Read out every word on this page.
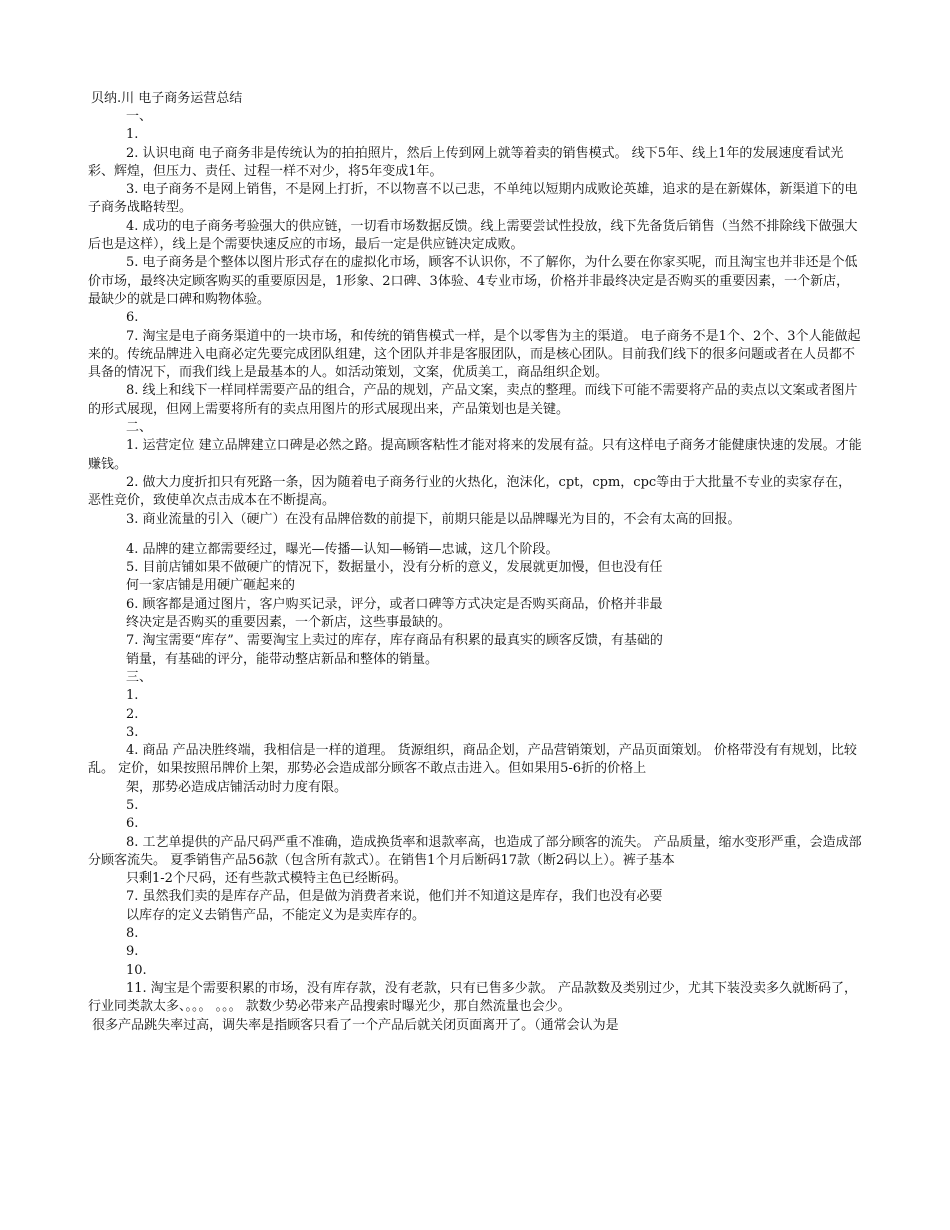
贝纳.川 电子商务运营总结

一、

1.

2. 认识电商 电子商务非是传统认为的拍拍照片，然后上传到网上就等着卖的销售模式。 线下5年、线上1年的发展速度看试光彩、辉煌，但压力、责任、过程一样不对少，将5年变成1年。

3. 电子商务不是网上销售，不是网上打折，不以物喜不以己悲，不单纯以短期内成败论英雄，追求的是在新媒体，新渠道下的电子商务战略转型。

4. 成功的电子商务考验强大的供应链，一切看市场数据反馈。线上需要尝试性投放，线下先备货后销售（当然不排除线下做强大后也是这样），线上是个需要快速反应的市场，最后一定是供应链决定成败。

5. 电子商务是个整体以图片形式存在的虚拟化市场，顾客不认识你，不了解你，为什么要在你家买呢，而且淘宝也并非还是个低价市场，最终决定顾客购买的重要原因是，1形象、2口碑、3体验、4专业市场，价格并非最终决定是否购买的重要因素，一个新店，最缺少的就是口碑和购物体验。

6.

7. 淘宝是电子商务渠道中的一块市场，和传统的销售模式一样，是个以零售为主的渠道。 电子商务不是1个、2个、3个人能做起来的。传统品牌进入电商必定先要完成团队组建，这个团队并非是客服团队，而是核心团队。目前我们线下的很多问题或者在人员都不具备的情况下，而我们线上是最基本的人。如活动策划，文案，优质美工，商品组织企划。

8. 线上和线下一样同样需要产品的组合，产品的规划，产品文案，卖点的整理。而线下可能不需要将产品的卖点以文案或者图片的形式展现，但网上需要将所有的卖点用图片的形式展现出来，产品策划也是关键。

二、

1. 运营定位 建立品牌建立口碑是必然之路。提高顾客粘性才能对将来的发展有益。只有这样电子商务才能健康快速的发展。才能赚钱。

2. 做大力度折扣只有死路一条，因为随着电子商务行业的火热化，泡沫化，cpt，cpm，cpc等由于大批量不专业的卖家存在，恶性竞价，致使单次点击成本在不断提高。

3. 商业流量的引入（硬广）在没有品牌倍数的前提下，前期只能是以品牌曝光为目的，不会有太高的回报。

4. 品牌的建立都需要经过，曝光—传播—认知—畅销—忠诚，这几个阶段。

5. 目前店铺如果不做硬广的情况下，数据量小，没有分析的意义，发展就更加慢，但也没有任

何一家店铺是用硬广砸起来的

6. 顾客都是通过图片，客户购买记录，评分，或者口碑等方式决定是否购买商品，价格并非最

终决定是否购买的重要因素，一个新店，这些事最缺的。

7. 淘宝需要“库存”、需要淘宝上卖过的库存，库存商品有积累的最真实的顾客反馈，有基础的

销量，有基础的评分，能带动整店新品和整体的销量。

三、

1.

2.

3.

4. 商品 产品决胜终端，我相信是一样的道理。 货源组织，商品企划，产品营销策划，产品页面策划。 价格带没有有规划，比较乱。 定价，如果按照吊牌价上架，那势必会造成部分顾客不敢点击进入。但如果用5-6折的价格上

架，那势必造成店铺活动时力度有限。

5.

6.

8. 工艺单提供的产品尺码严重不准确，造成换货率和退款率高，也造成了部分顾客的流失。 产品质量，缩水变形严重，会造成部分顾客流失。 夏季销售产品56款（包含所有款式）。在销售1个月后断码17款（断2码以上）。裤子基本

只剩1-2个尺码，还有些款式模特主色已经断码。

7. 虽然我们卖的是库存产品，但是做为消费者来说，他们并不知道这是库存，我们也没有必要

以库存的定义去销售产品，不能定义为是卖库存的。

8.

9.

10.

11. 淘宝是个需要积累的市场，没有库存款，没有老款，只有已售多少款。 产品款数及类别过少，尤其下装没卖多久就断码了，行业同类款太多、。。。 。。。 款数少势必带来产品搜索时曝光少，那自然流量也会少。

很多产品跳失率过高，调失率是指顾客只看了一个产品后就关闭页面离开了。（通常会认为是
